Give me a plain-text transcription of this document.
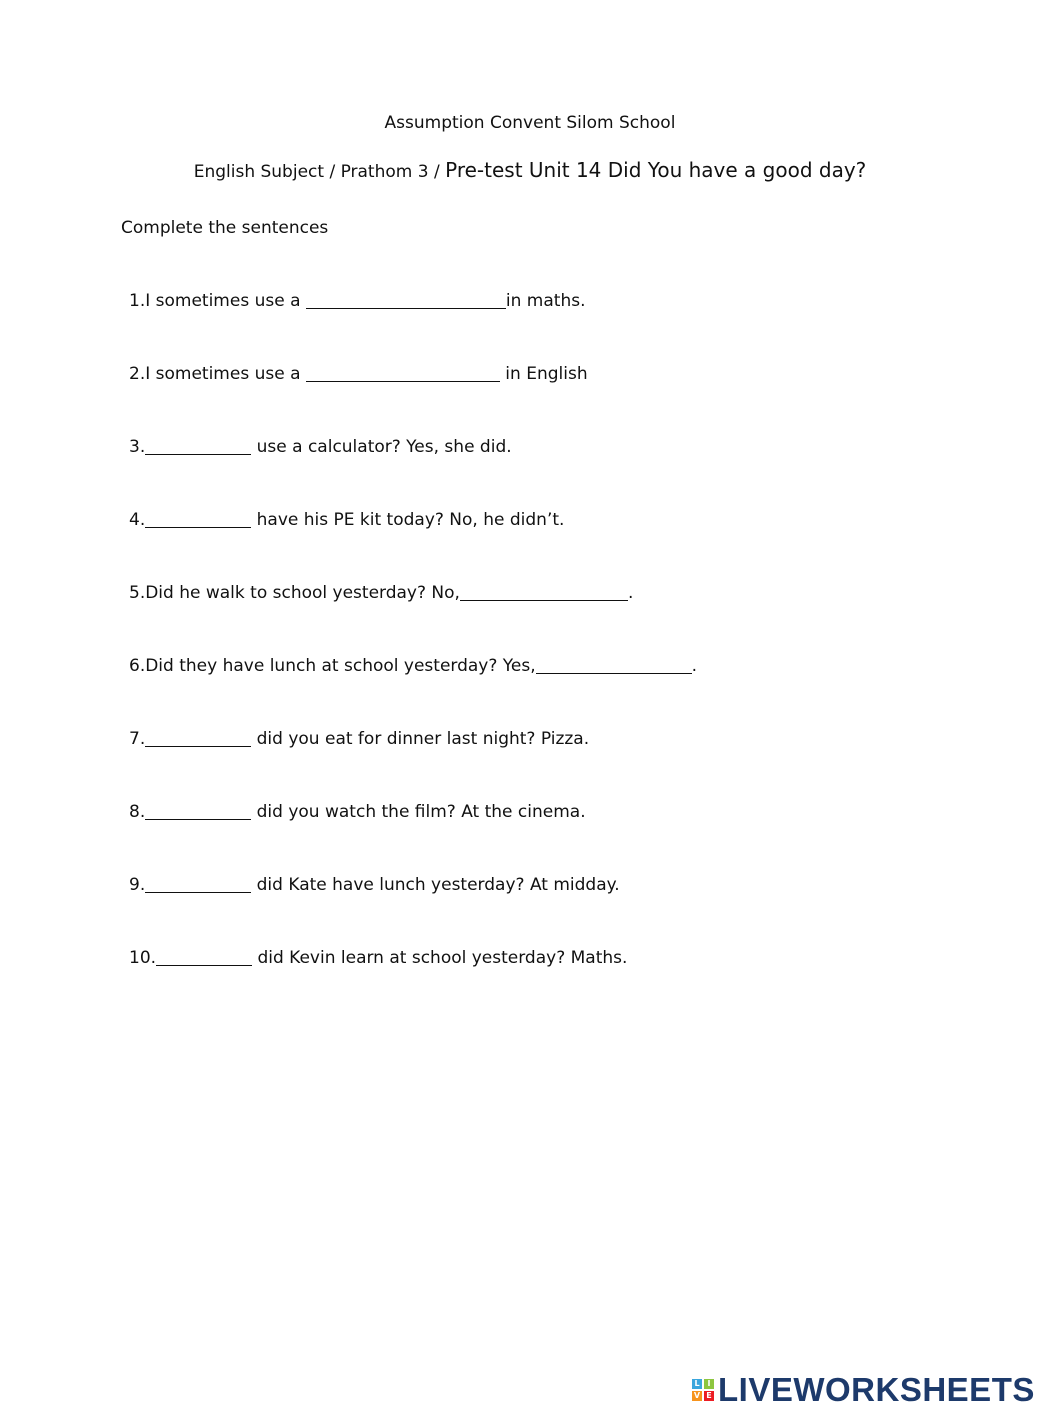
Assumption Convent Silom School
English Subject / Prathom 3 / Pre-test Unit 14 Did You have a good day?
Complete the sentences
1.I sometimes use a	in maths.
2.I sometimes use a	in English
3.	use a calculator? Yes, she did.
4.	have his PE kit today? No, he didn’t.
5.Did he walk to school yesterday? No,	.
6.Did they have lunch at school yesterday? Yes,	.
7.	did you eat for dinner last night? Pizza.
8.	did you watch the film? At the cinema.
9.	did Kate have lunch yesterday? At midday.
10.	did Kevin learn at school yesterday? Maths.
L I
V E LIVEWORKSHEETS
